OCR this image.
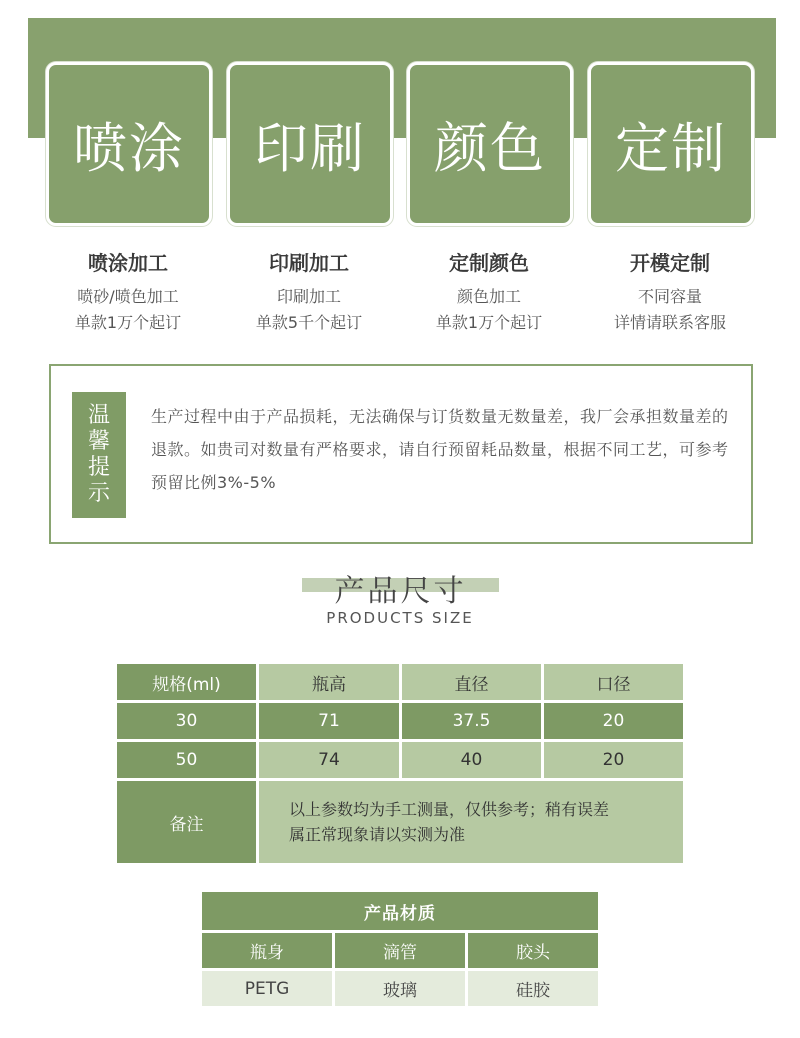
喷涂	印刷	颜色	定制
喷涂加工
喷砂/喷色加工
单款1万个起订
印刷加工
印刷加工
单款5千个起订
定制颜色
颜色加工
单款1万个起订
开模定制
不同容量
详情请联系客服
温
馨
提
示
生产过程中由于产品损耗，无法确保与订货数量无数量差，我厂会承担数量差的退款。如贵司对数量有严格要求，请自行预留耗品数量，根据不同工艺，可参考预留比例3%-5%
产品尺寸
PRODUCTS SIZE
规格(ml)	瓶高	直径	口径
30	71	37.5	20
50	74	40	20
备注
以上参数均为手工测量，仅供参考；稍有误差
属正常现象请以实测为准
产品材质
瓶身	滴管	胶头
PETG	玻璃	硅胶
